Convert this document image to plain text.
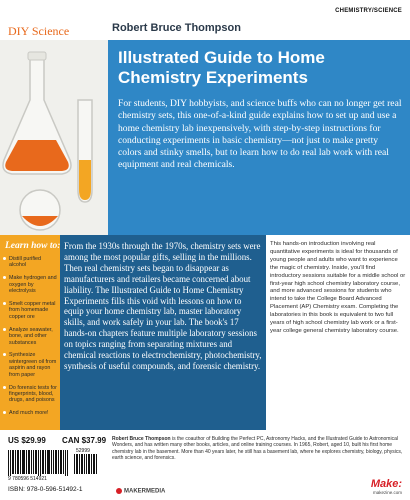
CHEMISTRY/SCIENCE
DIY Science	Robert Bruce Thompson
Illustrated Guide to Home Chemistry Experiments
For students, DIY hobbyists, and science buffs who can no longer get real chemistry sets, this one-of-a-kind guide explains how to set up and use a home chemistry lab inexpensively, with step-by-step instructions for conducting experiments in basic chemistry—not just to make pretty colors and stinky smells, but to learn how to do real lab work with real equipment and real chemicals.
Learn how to:
Distill purified alcohol
Make hydrogen and oxygen by electrolysis
Smelt copper metal from homemade copper ore
Analyze seawater, bone, and other substances
Synthesize wintergreen oil from aspirin and rayon from paper
Do forensic tests for fingerprints, blood, drugs, and poisons
And much more!
From the 1930s through the 1970s, chemistry sets were among the most popular gifts, selling in the millions. Then real chemistry sets began to disappear as manufacturers and retailers became concerned about liability. The Illustrated Guide to Home Chemistry Experiments fills this void with lessons on how to equip your home chemistry lab, master laboratory skills, and work safely in your lab. The book's 17 hands-on chapters feature multiple laboratory sessions on topics ranging from separating mixtures and chemical reactions to electrochemistry, photochemistry, synthesis of useful compounds, and forensic chemistry.
This hands-on introduction involving real quantitative experiments is ideal for thousands of young people and adults who want to experience the magic of chemistry. Inside, you'll find introductory sessions suitable for a middle school or first-year high school chemistry laboratory course, and more advanced sessions for students who intend to take the College Board Advanced Placement (AP) Chemistry exam. Completing the laboratories in this book is equivalent to two full years of high school chemistry lab work or a first-year college general chemistry laboratory course.
US $29.99 CAN $37.99
9 780596 514921
52999
ISBN: 978-0-596-51492-1
Robert Bruce Thompson is the coauthor of Building the Perfect PC, Astronomy Hacks, and the Illustrated Guide to Astronomical Wonders, and has written many other books, articles, and online training courses. In 1965, Robert, aged 10, built his first home chemistry lab in the basement. More than 40 years later, he still has a basement lab, where he explores chemistry, biology, physics, earth science, and forensics.
MAKERMEDIA
Make:
makezine.com
